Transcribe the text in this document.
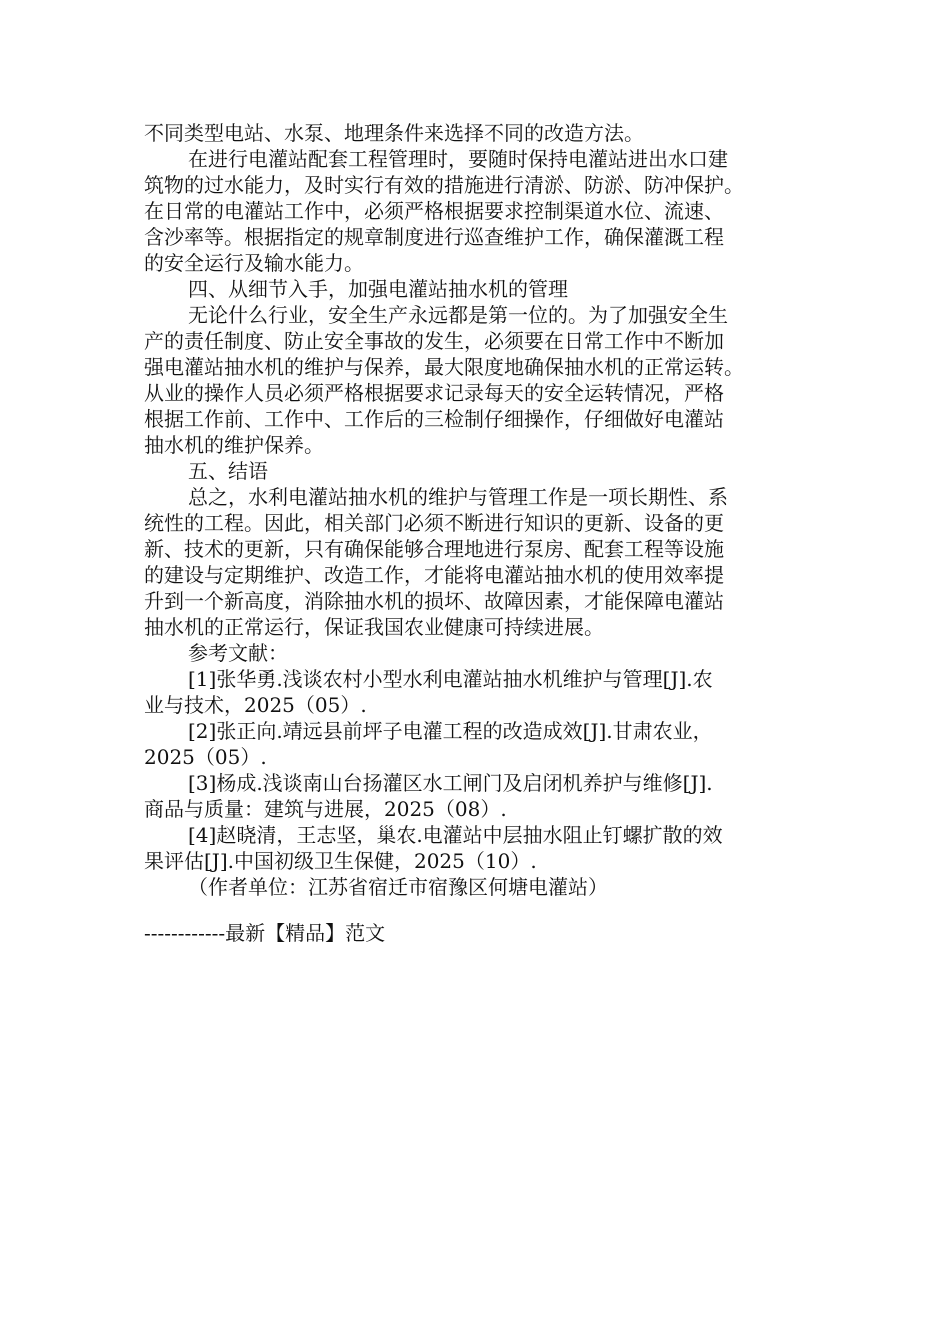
不同类型电站、水泵、地理条件来选择不同的改造方法。
在进行电灌站配套工程管理时，要随时保持电灌站进出水口建
筑物的过水能力，及时实行有效的措施进行清淤、防淤、防冲保护。
在日常的电灌站工作中，必须严格根据要求控制渠道水位、流速、
含沙率等。根据指定的规章制度进行巡查维护工作，确保灌溉工程
的安全运行及输水能力。
四、从细节入手，加强电灌站抽水机的管理
无论什么行业，安全生产永远都是第一位的。为了加强安全生
产的责任制度、防止安全事故的发生，必须要在日常工作中不断加
强电灌站抽水机的维护与保养，最大限度地确保抽水机的正常运转。
从业的操作人员必须严格根据要求记录每天的安全运转情况，严格
根据工作前、工作中、工作后的三检制仔细操作，仔细做好电灌站
抽水机的维护保养。
五、结语
总之，水利电灌站抽水机的维护与管理工作是一项长期性、系
统性的工程。因此，相关部门必须不断进行知识的更新、设备的更
新、技术的更新，只有确保能够合理地进行泵房、配套工程等设施
的建设与定期维护、改造工作，才能将电灌站抽水机的使用效率提
升到一个新高度，消除抽水机的损坏、故障因素，才能保障电灌站
抽水机的正常运行，保证我国农业健康可持续进展。
参考文献：
[1]张华勇.浅谈农村小型水利电灌站抽水机维护与管理[J].农
业与技术，2025（05）.
[2]张正向.靖远县前坪子电灌工程的改造成效[J].甘肃农业，
2025（05）.
[3]杨成.浅谈南山台扬灌区水工闸门及启闭机养护与维修[J].
商品与质量：建筑与进展，2025（08）.
[4]赵晓清，王志坚，巢农.电灌站中层抽水阻止钉螺扩散的效
果评估[J].中国初级卫生保健，2025（10）.
（作者单位：江苏省宿迁市宿豫区何塘电灌站）
------------最新【精品】范文
